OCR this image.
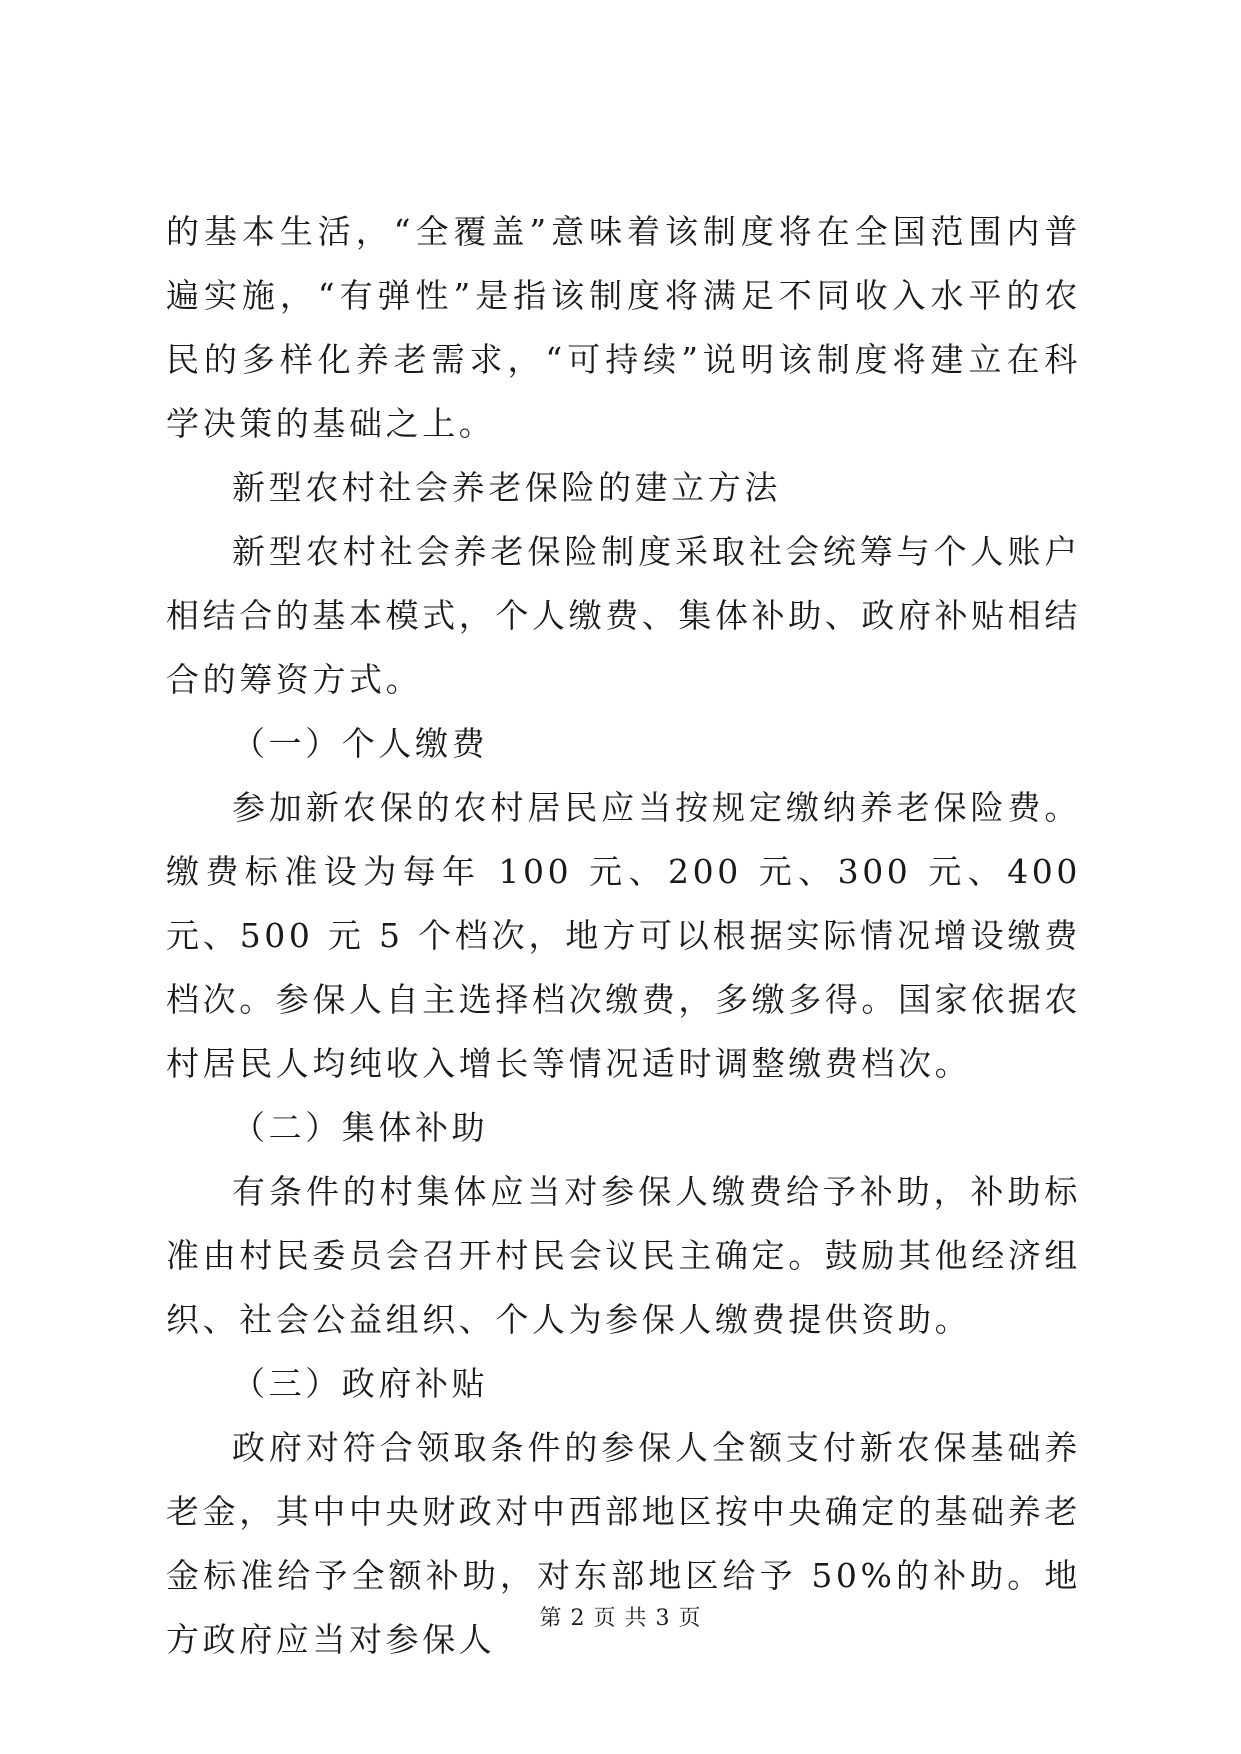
的基本生活，“全覆盖”意味着该制度将在全国范围内普遍实施，“有弹性”是指该制度将满足不同收入水平的农民的多样化养老需求，“可持续”说明该制度将建立在科学决策的基础之上。

新型农村社会养老保险的建立方法

新型农村社会养老保险制度采取社会统筹与个人账户相结合的基本模式，个人缴费、集体补助、政府补贴相结合的筹资方式。

（一）个人缴费

参加新农保的农村居民应当按规定缴纳养老保险费。缴费标准设为每年 100 元、200 元、300 元、400 元、500 元 5 个档次，地方可以根据实际情况增设缴费档次。参保人自主选择档次缴费，多缴多得。国家依据农村居民人均纯收入增长等情况适时调整缴费档次。

（二）集体补助

有条件的村集体应当对参保人缴费给予补助，补助标准由村民委员会召开村民会议民主确定。鼓励其他经济组织、社会公益组织、个人为参保人缴费提供资助。

（三）政府补贴

政府对符合领取条件的参保人全额支付新农保基础养老金，其中中央财政对中西部地区按中央确定的基础养老金标准给予全额补助，对东部地区给予 50%的补助。地方政府应当对参保人

第 2 页 共 3 页
